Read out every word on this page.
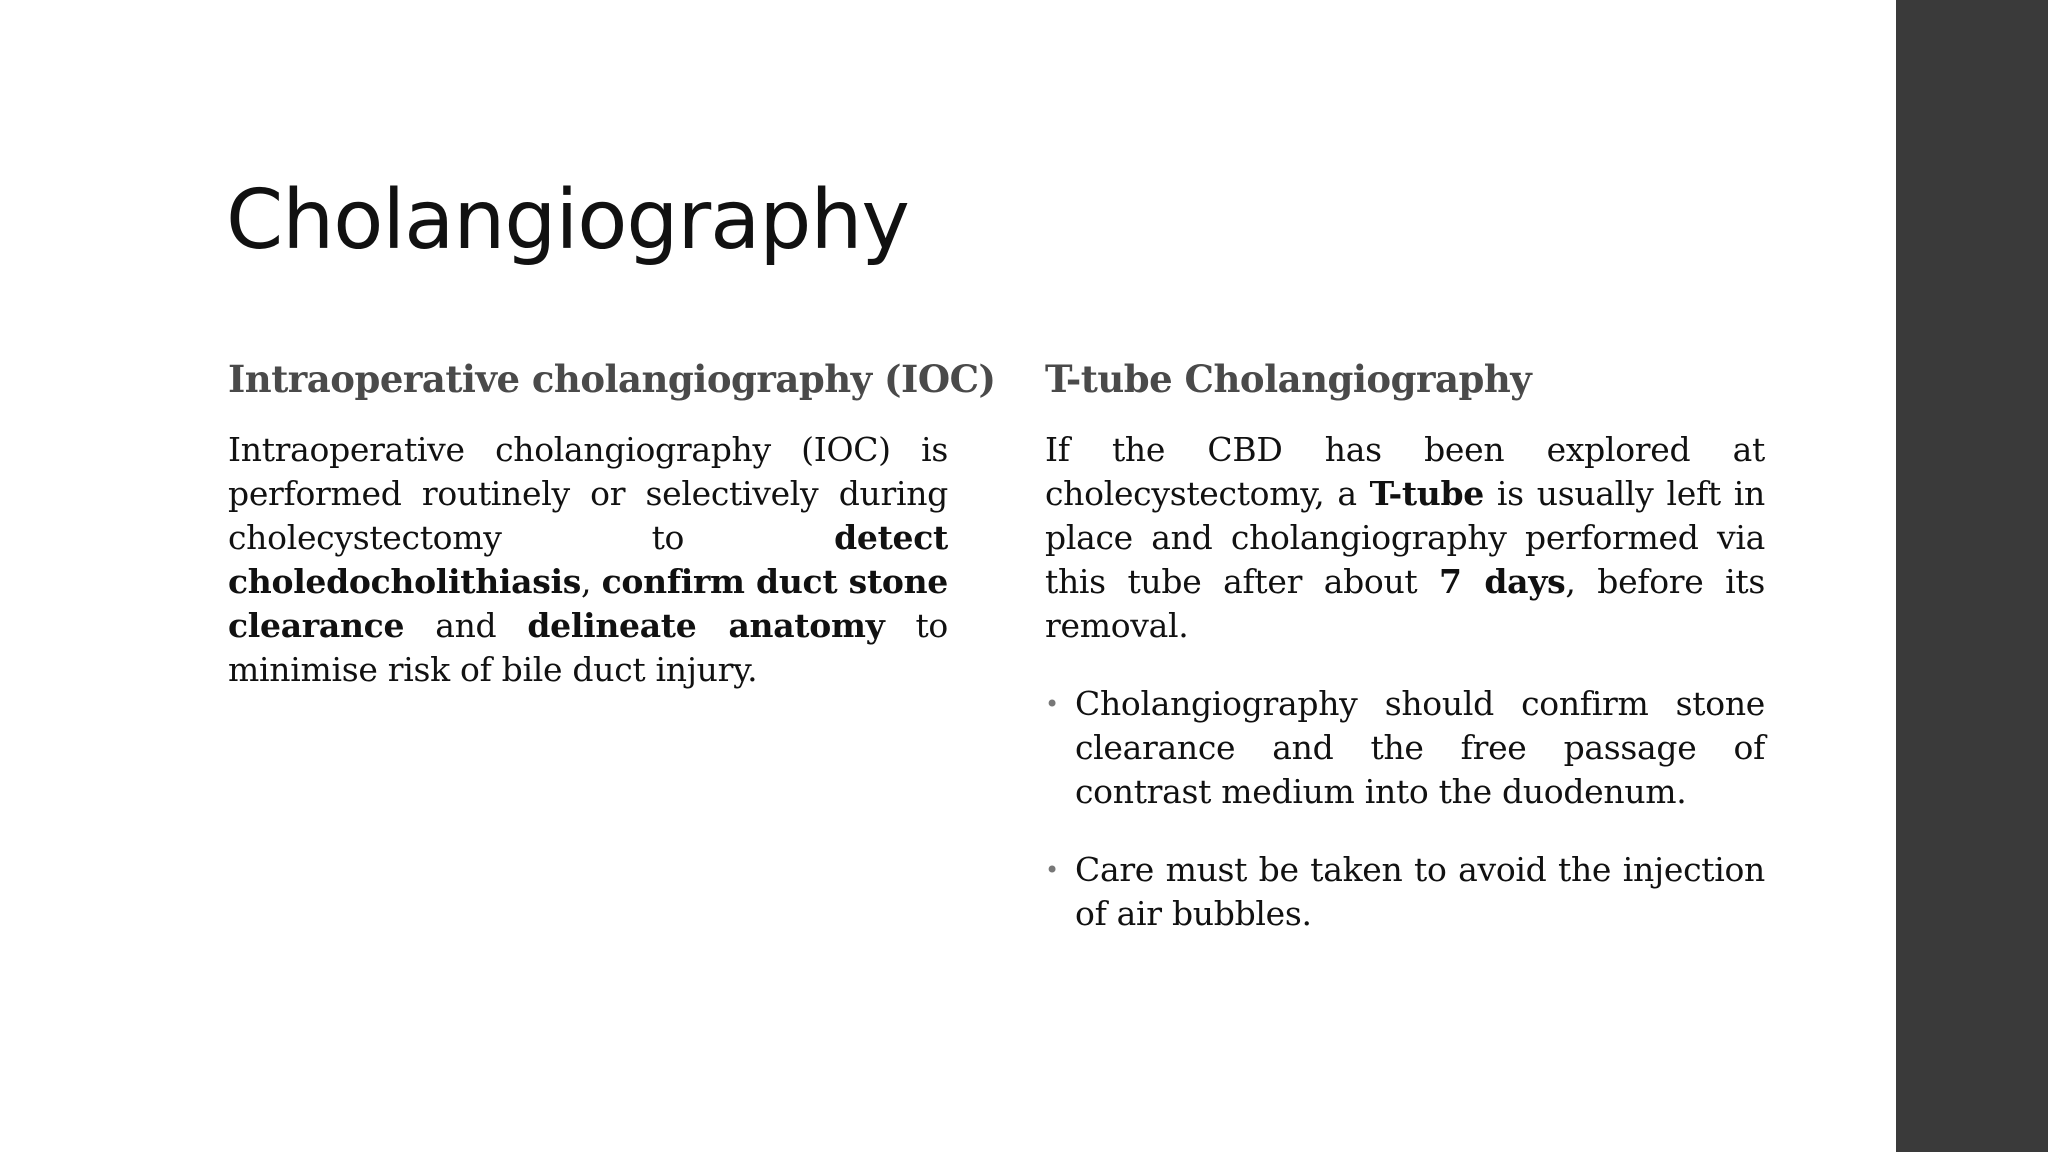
Cholangiography
Intraoperative cholangiography (IOC)

Intraoperative cholangiography (IOC) is performed routinely or selectively during cholecystectomy to detect choledocholithiasis, confirm duct stone clearance and delineate anatomy to minimise risk of bile duct injury.

T-tube Cholangiography

If the CBD has been explored at cholecystectomy, a T-tube is usually left in place and cholangiography performed via this tube after about 7 days, before its removal.

• Cholangiography should confirm stone clearance and the free passage of contrast medium into the duodenum.
• Care must be taken to avoid the injection of air bubbles.
